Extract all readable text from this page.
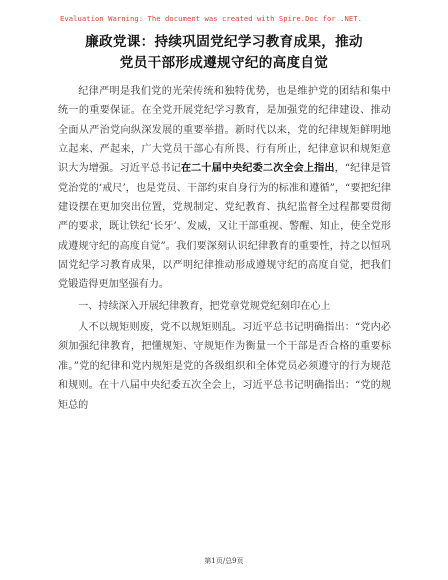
Evaluation Warning: The document was created with Spire.Doc for .NET.
廉政党课：持续巩固党纪学习教育成果，推动
党员干部形成遵规守纪的高度自觉

纪律严明是我们党的光荣传统和独特优势，也是维护党的团结和集中统一的重要保证。在全党开展党纪学习教育，是加强党的纪律建设、推动全面从严治党向纵深发展的重要举措。新时代以来，党的纪律规矩鲜明地立起来、严起来，广大党员干部心有所畏、行有所止，纪律意识和规矩意识大为增强。习近平总书记在二十届中央纪委二次全会上指出，“纪律是管党治党的‘戒尺’，也是党员、干部约束自身行为的标准和遵循”，“要把纪律建设摆在更加突出位置，党规制定、党纪教育、执纪监督全过程都要贯彻严的要求，既让铁纪‘长牙’、发威，又让干部重视、警醒、知止，使全党形成遵规守纪的高度自觉”。我们要深刻认识纪律教育的重要性，持之以恒巩固党纪学习教育成果，以严明纪律推动形成遵规守纪的高度自觉，把我们党锻造得更加坚强有力。

一、持续深入开展纪律教育，把党章党规党纪刻印在心上

人不以规矩则废，党不以规矩则乱。习近平总书记明确指出：“党内必须加强纪律教育，把懂规矩、守规矩作为衡量一个干部是否合格的重要标准。”党的纪律和党内规矩是党的各级组织和全体党员必须遵守的行为规范和规则。在十八届中央纪委五次全会上，习近平总书记明确指出：“党的规矩总的

第1页/总9页
